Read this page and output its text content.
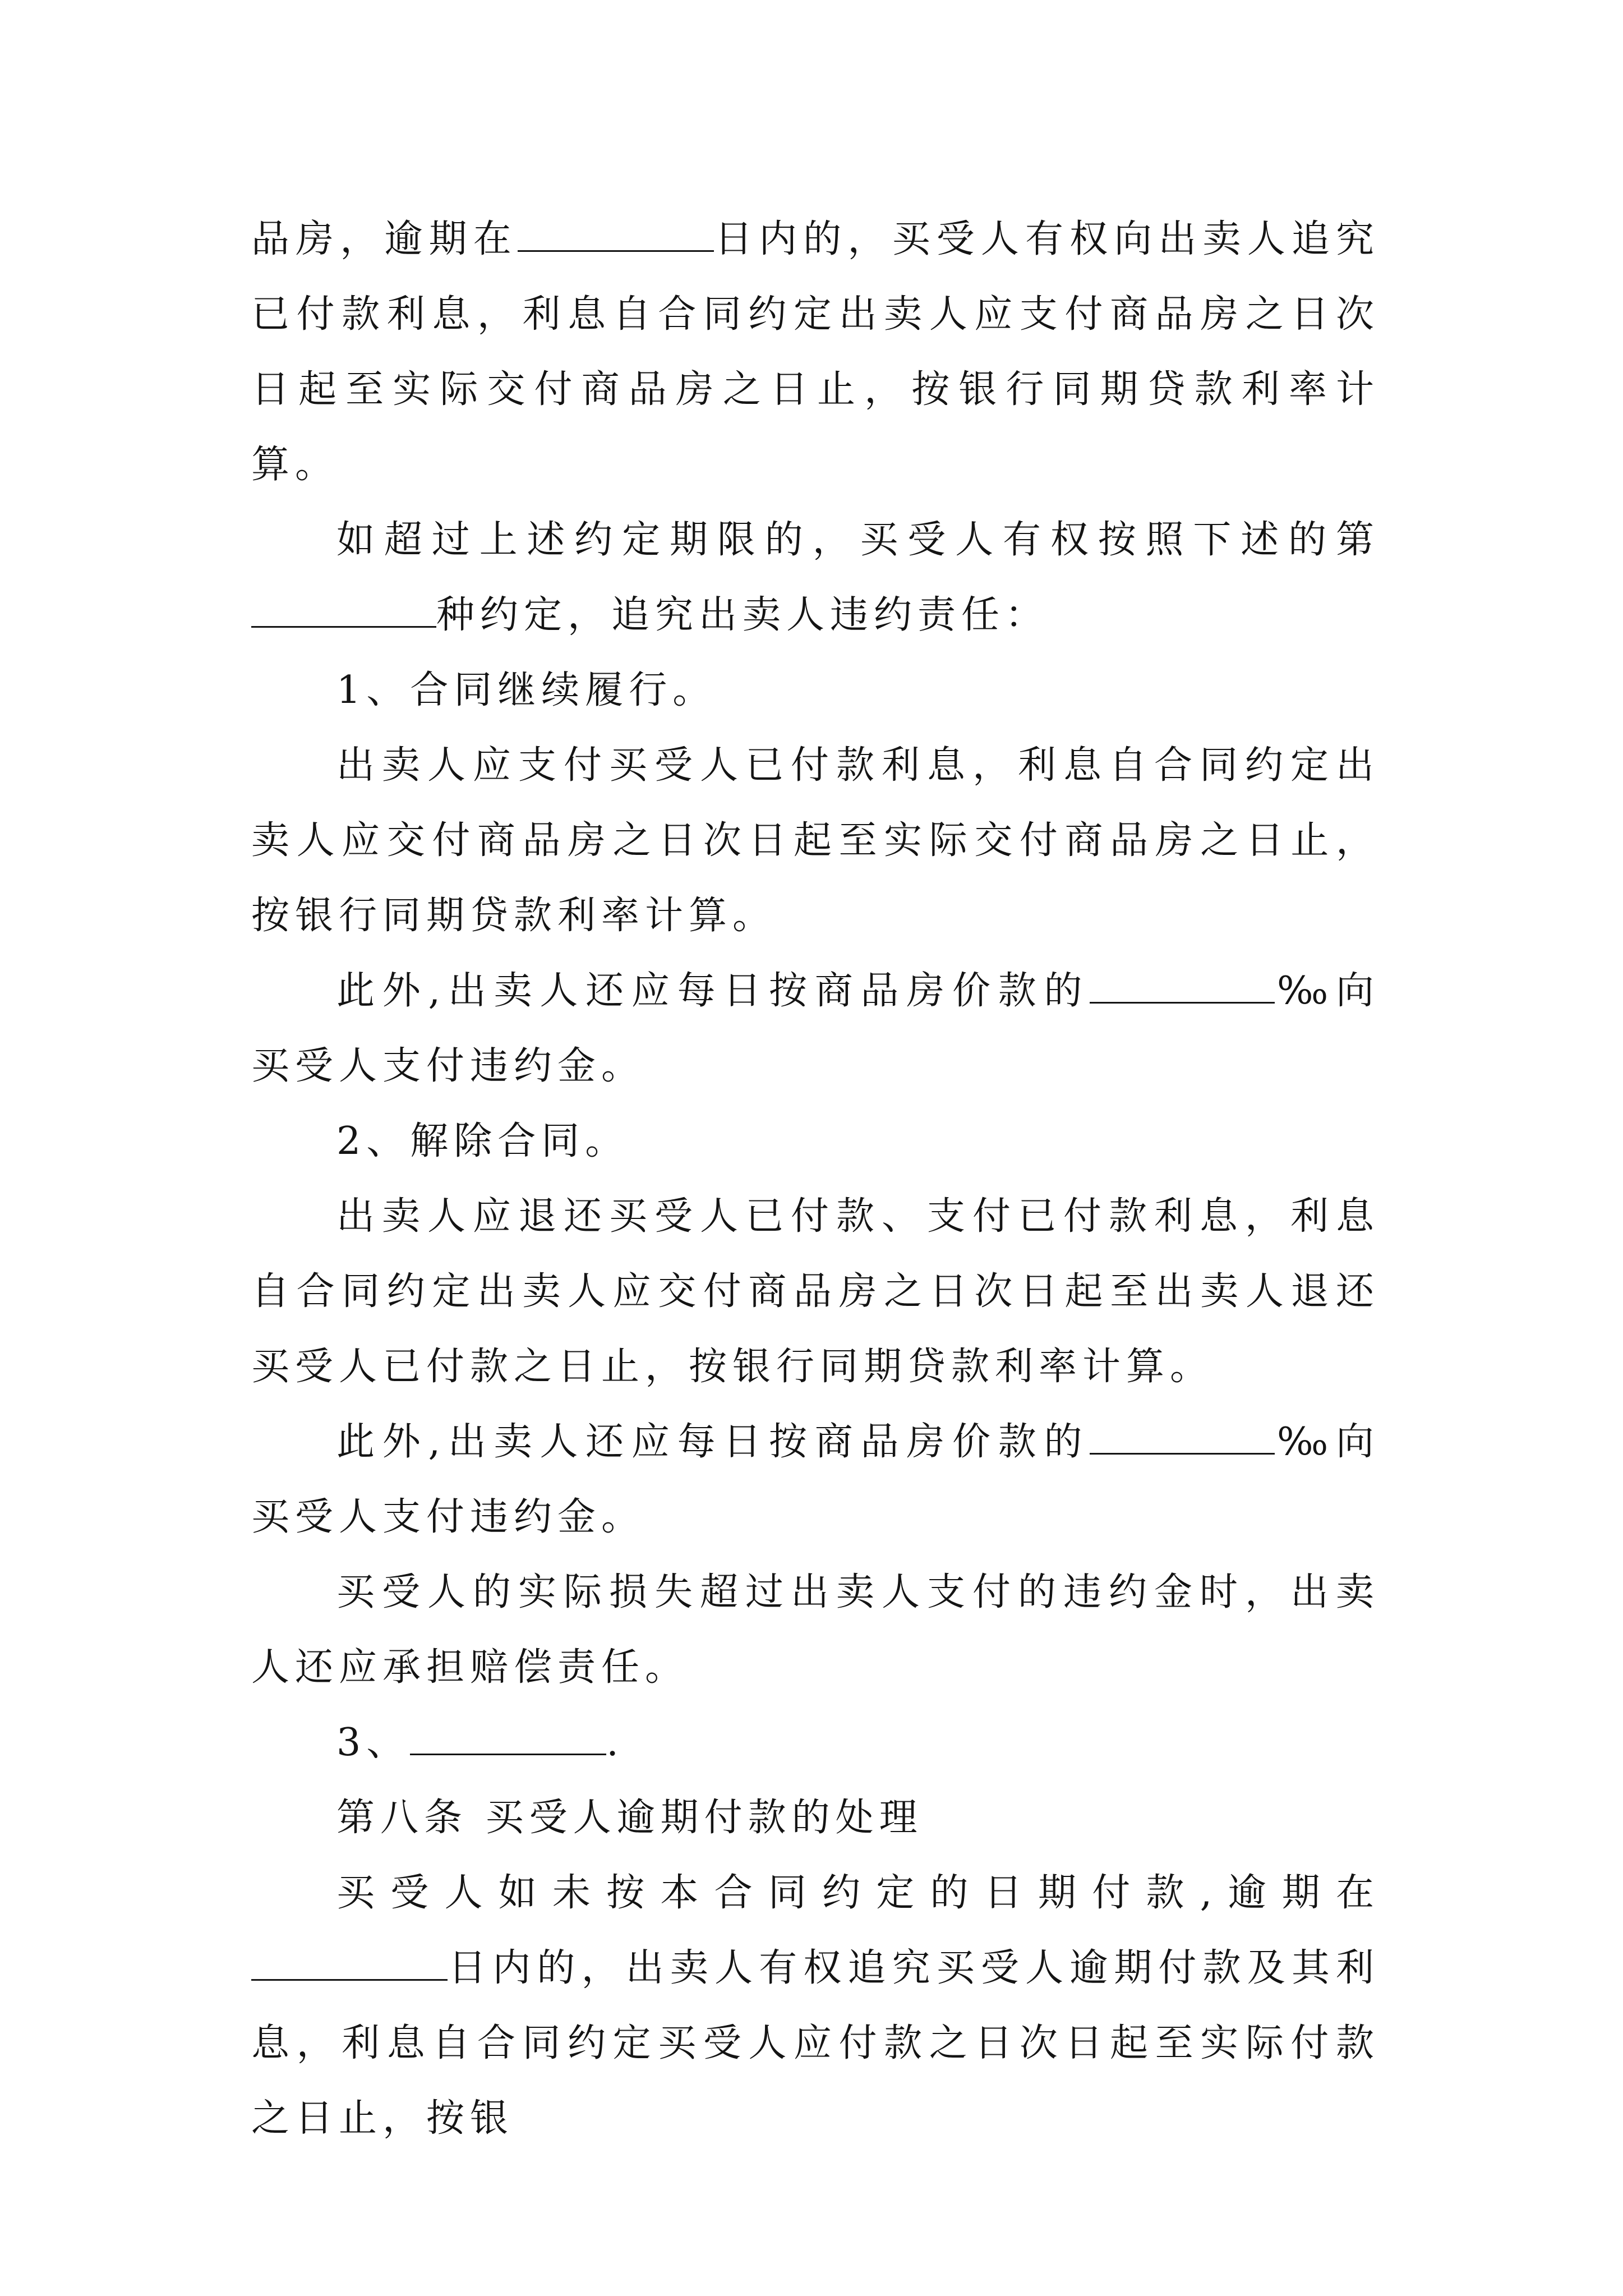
品房，逾期在	日内的，买受人有权向出卖人追究已付款利息，利息自合同约定出卖人应支付商品房之日次日起至实际交付商品房之日止，按银行同期贷款利率计算。

如超过上述约定期限的，买受人有权按照下述的第种约定，追究出卖人违约责任：

1、合同继续履行。

出卖人应支付买受人已付款利息，利息自合同约定出卖人应交付商品房之日次日起至实际交付商品房之日止，按银行同期贷款利率计算。

此外,出卖人还应每日按商品房价款的	‰向买受人支付违约金。

2、解除合同。

出卖人应退还买受人已付款、支付已付款利息，利息自合同约定出卖人应交付商品房之日次日起至出卖人退还买受人已付款之日止，按银行同期贷款利率计算。

此外,出卖人还应每日按商品房价款的	‰向买受人支付违约金。

买受人的实际损失超过出卖人支付的违约金时，出卖人还应承担赔偿责任。

3、	.

第八条 买受人逾期付款的处理

买受人如未按本合同约定的日期付款,逾期在日内的，出卖人有权追究买受人逾期付款及其利息，利息自合同约定买受人应付款之日次日起至实际付款之日止，按银
